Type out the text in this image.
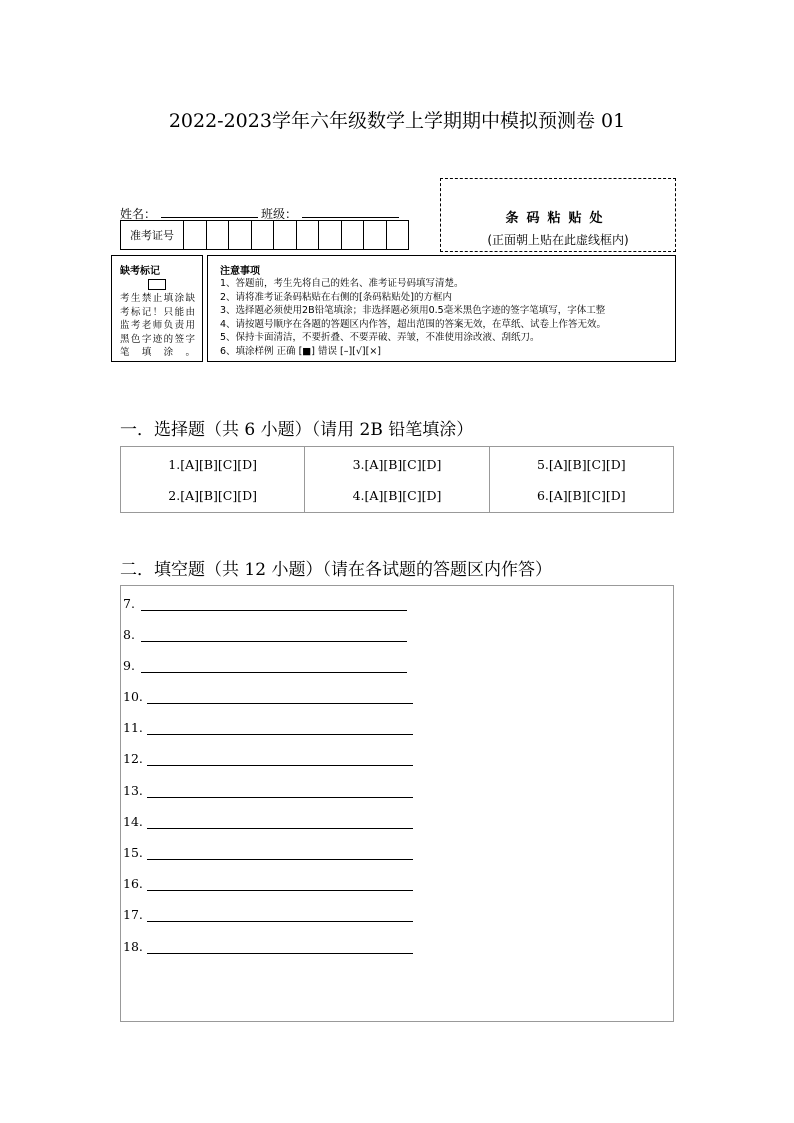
2022-2023学年六年级数学上学期期中模拟预测卷 01
姓名：	班级：
准考证号
条码粘贴处
(正面朝上贴在此虚线框内)
缺考标记
考生禁止填涂缺考标记！只能由监考老师负责用黑色字迹的签字笔填涂。
注意事项
1、答题前，考生先将自己的姓名、准考证号码填写清楚。
2、请将准考证条码粘贴在右侧的[条码粘贴处]的方框内
3、选择题必须使用2B铅笔填涂；非选择题必须用0.5毫米黑色字迹的签字笔填写，字体工整
4、请按题号顺序在各题的答题区内作答，超出范围的答案无效，在草纸、试卷上作答无效。
5、保持卡面清洁，不要折叠、不要弄破、弄皱，不准使用涂改液、刮纸刀。
6、填涂样例 正确 [■] 错误 [–][√][×]
一．选择题（共 6 小题）（请用 2B 铅笔填涂）
1.[A][B][C][D]
2.[A][B][C][D]
3.[A][B][C][D]
4.[A][B][C][D]
5.[A][B][C][D]
6.[A][B][C][D]
二．填空题（共 12 小题）（请在各试题的答题区内作答）
7.
8.
9.
10.
11.
12.
13.
14.
15.
16.
17.
18.
